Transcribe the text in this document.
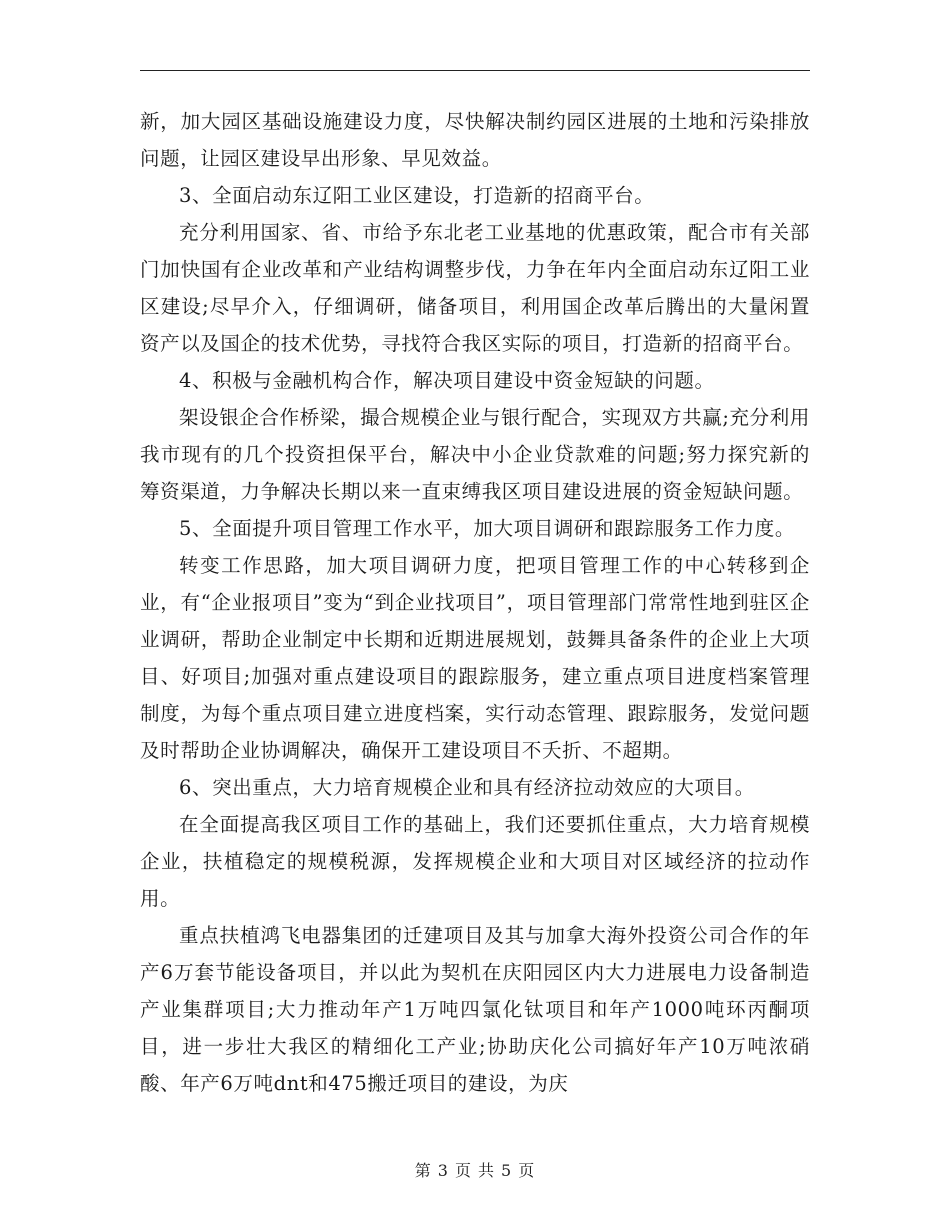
新，加大园区基础设施建设力度，尽快解决制约园区进展的土地和污染排放问题，让园区建设早出形象、早见效益。

3、全面启动东辽阳工业区建设，打造新的招商平台。

充分利用国家、省、市给予东北老工业基地的优惠政策，配合市有关部门加快国有企业改革和产业结构调整步伐，力争在年内全面启动东辽阳工业区建设;尽早介入，仔细调研，储备项目，利用国企改革后腾出的大量闲置资产以及国企的技术优势，寻找符合我区实际的项目，打造新的招商平台。

4、积极与金融机构合作，解决项目建设中资金短缺的问题。

架设银企合作桥梁，撮合规模企业与银行配合，实现双方共赢;充分利用我市现有的几个投资担保平台，解决中小企业贷款难的问题;努力探究新的筹资渠道，力争解决长期以来一直束缚我区项目建设进展的资金短缺问题。

5、全面提升项目管理工作水平，加大项目调研和跟踪服务工作力度。

转变工作思路，加大项目调研力度，把项目管理工作的中心转移到企业，有“企业报项目”变为“到企业找项目”，项目管理部门常常性地到驻区企业调研，帮助企业制定中长期和近期进展规划，鼓舞具备条件的企业上大项目、好项目;加强对重点建设项目的跟踪服务，建立重点项目进度档案管理制度，为每个重点项目建立进度档案，实行动态管理、跟踪服务，发觉问题及时帮助企业协调解决，确保开工建设项目不夭折、不超期。

6、突出重点，大力培育规模企业和具有经济拉动效应的大项目。

在全面提高我区项目工作的基础上，我们还要抓住重点，大力培育规模企业，扶植稳定的规模税源，发挥规模企业和大项目对区域经济的拉动作用。

重点扶植鸿飞电器集团的迁建项目及其与加拿大海外投资公司合作的年产6万套节能设备项目，并以此为契机在庆阳园区内大力进展电力设备制造产业集群项目;大力推动年产1万吨四氯化钛项目和年产1000吨环丙酮项目，进一步壮大我区的精细化工产业;协助庆化公司搞好年产10万吨浓硝酸、年产6万吨dnt和475搬迁项目的建设，为庆

第 3 页 共 5 页
